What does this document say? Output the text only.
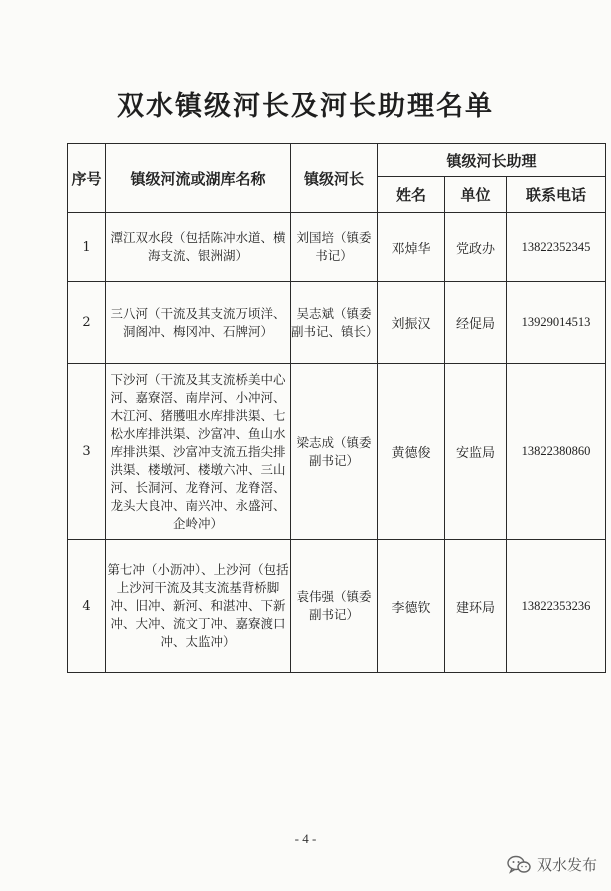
双水镇级河长及河长助理名单
序号	镇级河流或湖库名称	镇级河长	镇级河长助理		
			姓名	单位	联系电话
1	潭江双水段（包括陈冲水道、横海支流、银洲湖）	刘国培（镇委书记）	邓焯华	党政办	13822352345
2	三八河（干流及其支流万顷洋、洞阁冲、梅冈冲、石牌河）	吴志斌（镇委副书记、镇长）	刘振汉	经促局	13929014513
3	下沙河（干流及其支流桥美中心河、嘉寮滘、南岸河、小冲河、木江河、猪雘咀水库排洪渠、七松水库排洪渠、沙富冲、鱼山水库排洪渠、沙富冲支流五指尖排洪渠、楼墩河、楼墩六冲、三山河、长洞河、龙脊河、龙脊滘、龙头大良冲、南兴冲、永盛河、企岭冲）	梁志成（镇委副书记）	黄德俊	安监局	13822380860
4	第七冲（小沥冲）、上沙河（包括上沙河干流及其支流基背桥脚冲、旧冲、新河、和湛冲、下新冲、大冲、流文丁冲、嘉寮渡口冲、太监冲）	袁伟强（镇委副书记）	李德钦	建环局	13822353236
- 4 -
双水发布
